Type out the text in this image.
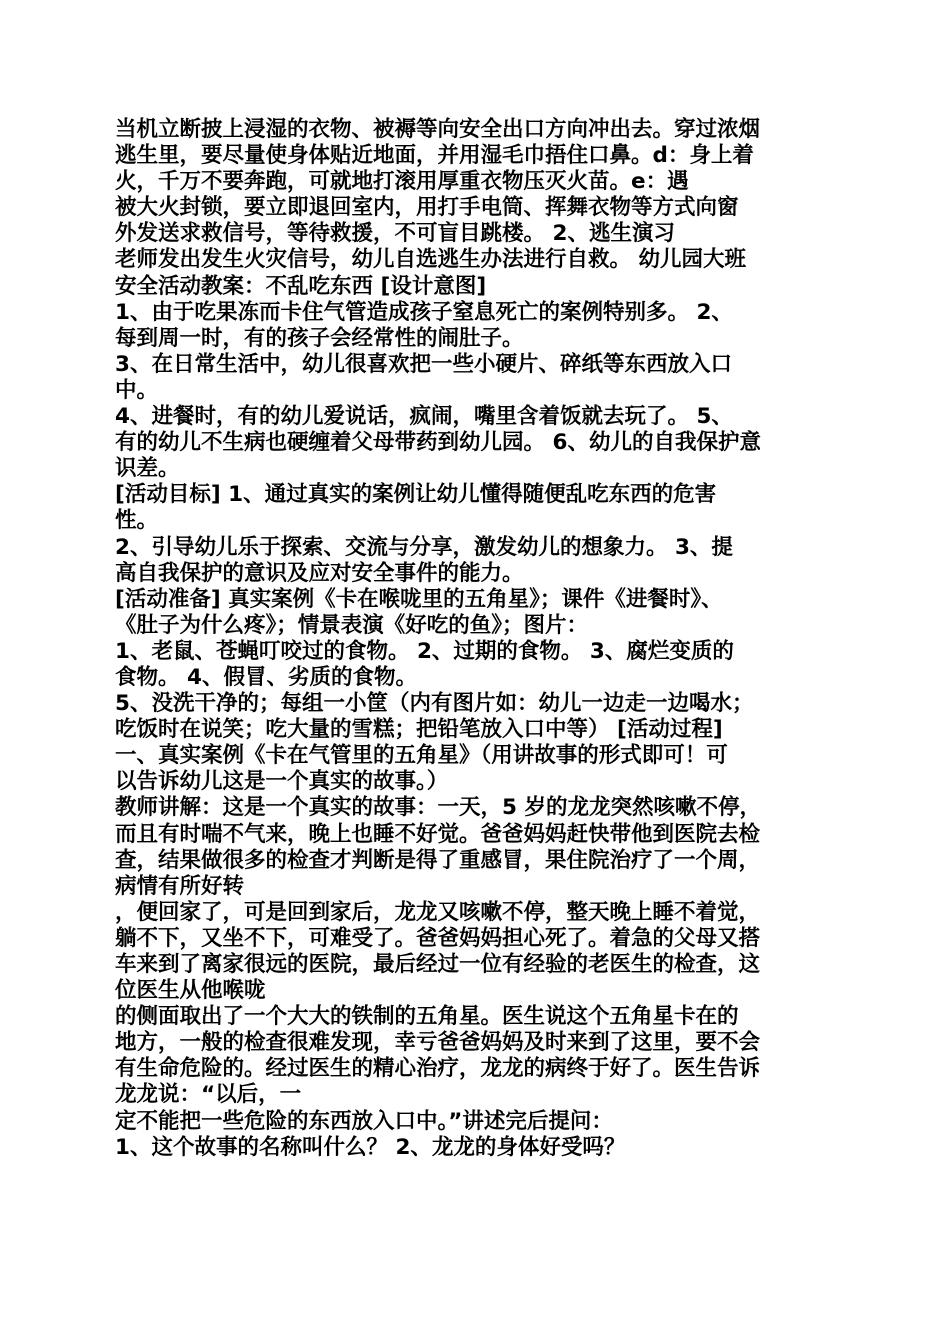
当机立断披上浸湿的衣物、被褥等向安全出口方向冲出去。穿过浓烟
逃生里，要尽量使身体贴近地面，并用湿毛巾捂住口鼻。d：身上着
火，千万不要奔跑，可就地打滚用厚重衣物压灭火苗。e：遇
被大火封锁，要立即退回室内，用打手电筒、挥舞衣物等方式向窗
外发送求救信号，等待救援，不可盲目跳楼。 2、逃生演习
老师发出发生火灾信号，幼儿自选逃生办法进行自救。 幼儿园大班
安全活动教案：不乱吃东西 [设计意图]
1、由于吃果冻而卡住气管造成孩子窒息死亡的案例特别多。 2、
每到周一时，有的孩子会经常性的闹肚子。
3、在日常生活中，幼儿很喜欢把一些小硬片、碎纸等东西放入口
中。
4、进餐时，有的幼儿爱说话，疯闹，嘴里含着饭就去玩了。 5、
有的幼儿不生病也硬缠着父母带药到幼儿园。 6、幼儿的自我保护意
识差。
[活动目标] 1、通过真实的案例让幼儿懂得随便乱吃东西的危害
性。
2、引导幼儿乐于探索、交流与分享，激发幼儿的想象力。 3、提
高自我保护的意识及应对安全事件的能力。
[活动准备] 真实案例《卡在喉咙里的五角星》；课件《进餐时》、
《肚子为什么疼》；情景表演《好吃的鱼》；图片：
1、老鼠、苍蝇叮咬过的食物。 2、过期的食物。 3、腐烂变质的
食物。 4、假冒、劣质的食物。
5、没洗干净的；每组一小筐（内有图片如：幼儿一边走一边喝水；
吃饭时在说笑；吃大量的雪糕；把铅笔放入口中等） [活动过程]
一、真实案例《卡在气管里的五角星》（用讲故事的形式即可！可
以告诉幼儿这是一个真实的故事。）
教师讲解：这是一个真实的故事：一天，5 岁的龙龙突然咳嗽不停，
而且有时喘不气来，晚上也睡不好觉。爸爸妈妈赶快带他到医院去检
查，结果做很多的检查才判断是得了重感冒，果住院治疗了一个周，
病情有所好转
，便回家了，可是回到家后，龙龙又咳嗽不停，整天晚上睡不着觉，
躺不下，又坐不下，可难受了。爸爸妈妈担心死了。着急的父母又搭
车来到了离家很远的医院，最后经过一位有经验的老医生的检查，这
位医生从他喉咙
的侧面取出了一个大大的铁制的五角星。医生说这个五角星卡在的
地方，一般的检查很难发现，幸亏爸爸妈妈及时来到了这里，要不会
有生命危险的。经过医生的精心治疗，龙龙的病终于好了。医生告诉
龙龙说：“以后，一
定不能把一些危险的东西放入口中。”讲述完后提问：
1、这个故事的名称叫什么？ 2、龙龙的身体好受吗？
